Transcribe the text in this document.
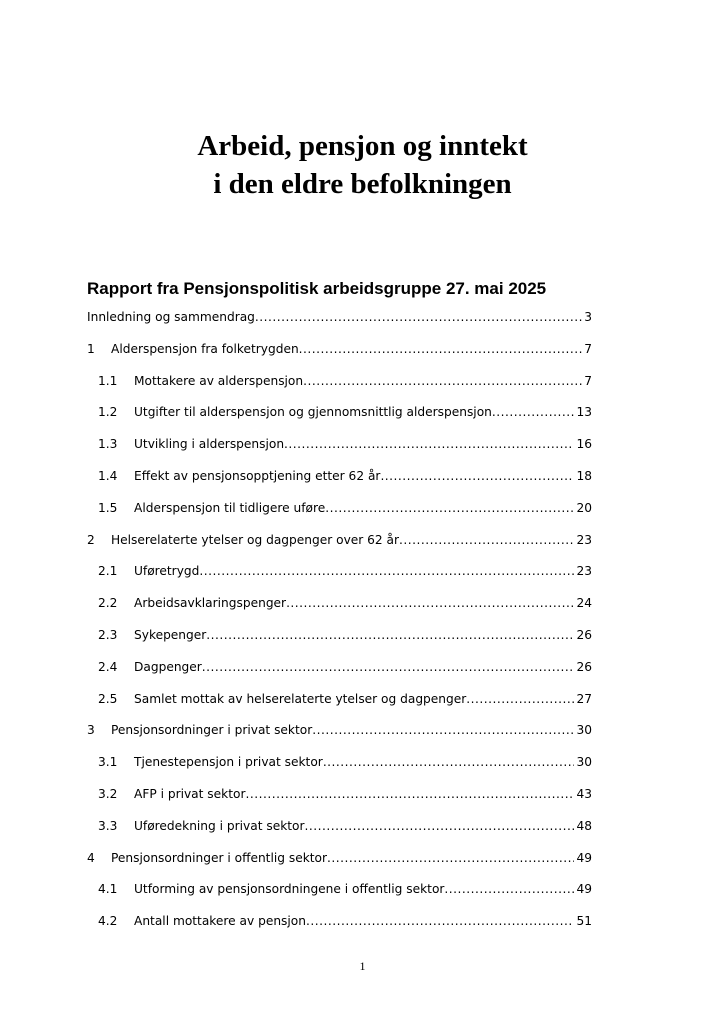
Arbeid, pensjon og inntekt
i den eldre befolkningen
Rapport fra Pensjonspolitisk arbeidsgruppe 27. mai 2025
Innledning og sammendrag .....	3
1	Alderspensjon fra folketrygden .....	7
1.1	Mottakere av alderspensjon .....	7
1.2	Utgifter til alderspensjon og gjennomsnittlig alderspensjon .....	13
1.3	Utvikling i alderspensjon .....	16
1.4	Effekt av pensjonsopptjening etter 62 år .....	18
1.5	Alderspensjon til tidligere uføre .....	20
2	Helserelaterte ytelser og dagpenger over 62 år .....	23
2.1	Uføretrygd .....	23
2.2	Arbeidsavklaringspenger .....	24
2.3	Sykepenger .....	26
2.4	Dagpenger .....	26
2.5	Samlet mottak av helserelaterte ytelser og dagpenger .....	27
3	Pensjonsordninger i privat sektor .....	30
3.1	Tjenestepensjon i privat sektor .....	30
3.2	AFP i privat sektor .....	43
3.3	Uføredekning i privat sektor .....	48
4	Pensjonsordninger i offentlig sektor .....	49
4.1	Utforming av pensjonsordningene i offentlig sektor .....	49
4.2	Antall mottakere av pensjon .....	51
1
